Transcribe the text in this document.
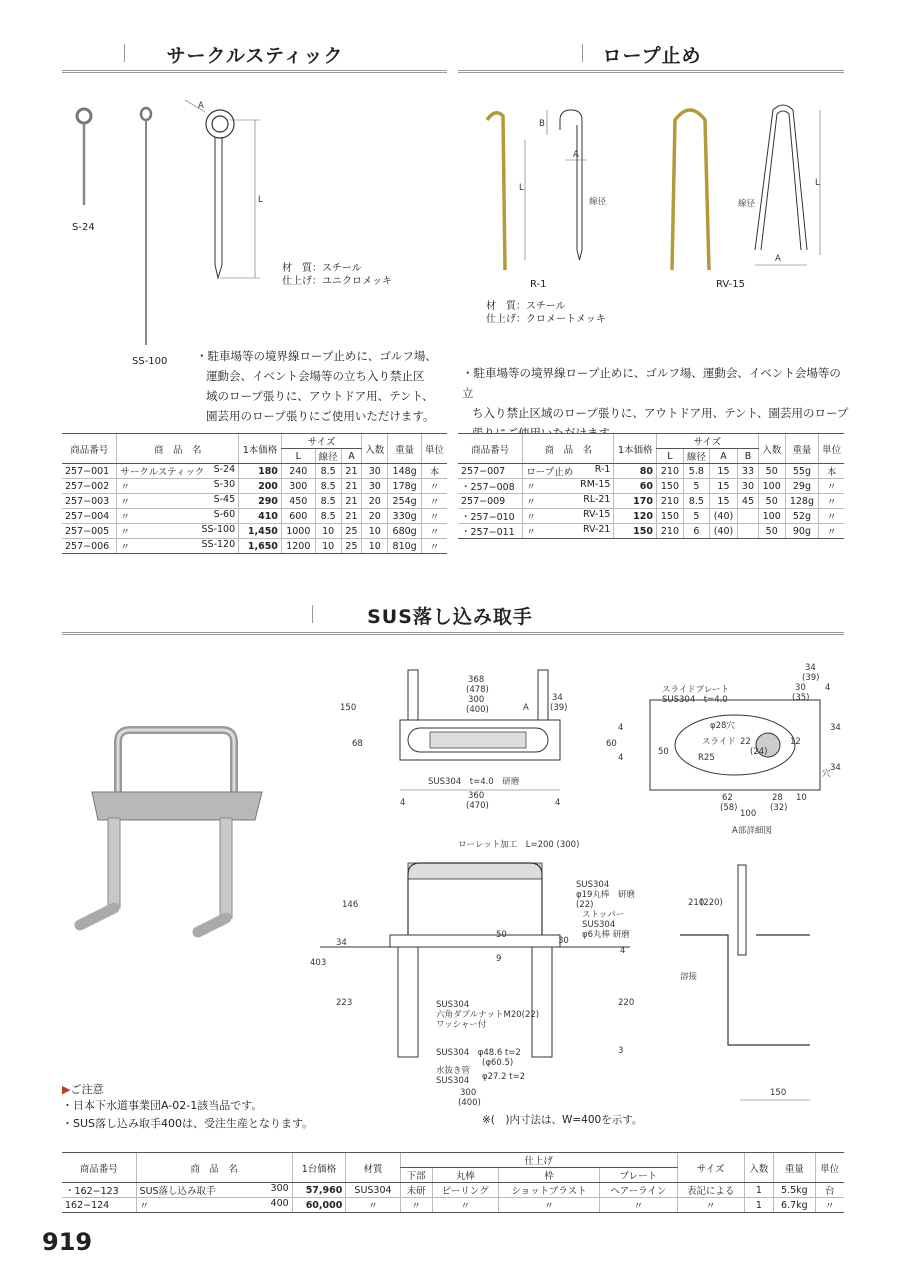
サークルスティック	ロープ止め
A
L
S-24
SS-100
材　質：スチール
仕上げ：ユニクロメッキ
・駐車場等の境界線ロープ止めに、ゴルフ場、
運動会、イベント会場等の立ち入り禁止区
域のロープ張りに、アウトドア用、テント、
園芸用のロープ張りにご使用いただけます。
商品番号	商　品　名	1本価格	サイズ			入数	重量	単位
			L	線径	A			
257−001	サークルスティック S-24	180	240	8.5	21	30	148g	本
257−002	〃 S-30	200	300	8.5	21	30	178g	〃
257−003	〃 S-45	290	450	8.5	21	20	254g	〃
257−004	〃 S-60	410	600	8.5	21	20	330g	〃
257−005	〃 SS-100	1,450	1000	10	25	10	680g	〃
257−006	〃 SS-120	1,650	1200	10	25	10	810g	〃
B
A
L
線径
A
線径
L
R-1	RV-15
材　質：スチール
仕上げ：クロメートメッキ
・駐車場等の境界線ロープ止めに、ゴルフ場、運動会、イベント会場等の立
ち入り禁止区域のロープ張りに、アウトドア用、テント、園芸用のロープ
商品番号	商　品　名	1本価格	サイズ				入数	重量	単位
			L	線径	A	B			
257−007	ロープ止め R-1	80	210	5.8	15	33	50	55g	本
・257−008	〃 RM-15	60	150	5	15	30	100	29g	〃
257−009	〃 RL-21	170	210	8.5	15	45	50	128g	〃
・257−010	〃 RV-15	120	150	5	(40)		100	52g	〃
・257−011	〃 RV-21	150	210	6	(40)		50	90g	〃
SUS落し込み取手
368
(478)
300
(400)
150
68
34
(39)
60
4
4
4	4
A
SUS304　t=4.0　研磨
360
(470)
34
(39)
30 4
(35)
スライドプレート
SUS304　t=4.0
φ28穴
スライド
R25
22
(24)
12
50
34
34
穴
62
(58)
28 10
(32)
100
A部詳細図
ローレット加工　L=200 (300)
SUS304
φ19丸棒　研磨
(22)
ストッパー
SUS304
φ6丸棒 研磨
146
34
403
223
50
30
9
4
220
3
SUS304
六角ダブルナットM20(22)
ワッシャー付
SUS304　φ48.6 t=2
(φ60.5)
水抜き管
SUS304 φ27.2 t=2
300
(400)
210
(220)
溶接
150
▶ご注意
・日本下水道事業団A-02-1該当品です。
・SUS落し込み取手400は、受注生産となります。	※(　)内寸法は、W=400を示す。
商品番号	商　品　名	1台価格	材質	仕上げ				サイズ	入数	重量	単位
				下部	丸棒	枠	プレート				
・162−123	SUS落し込み取手 300	57,960	SUS304	未研	ピーリング	ショットブラスト	ヘアーライン	表記による	1	5.5kg	台
162−124	〃 400	60,000	〃	〃	〃	〃	〃	〃	1	6.7kg	〃
919
